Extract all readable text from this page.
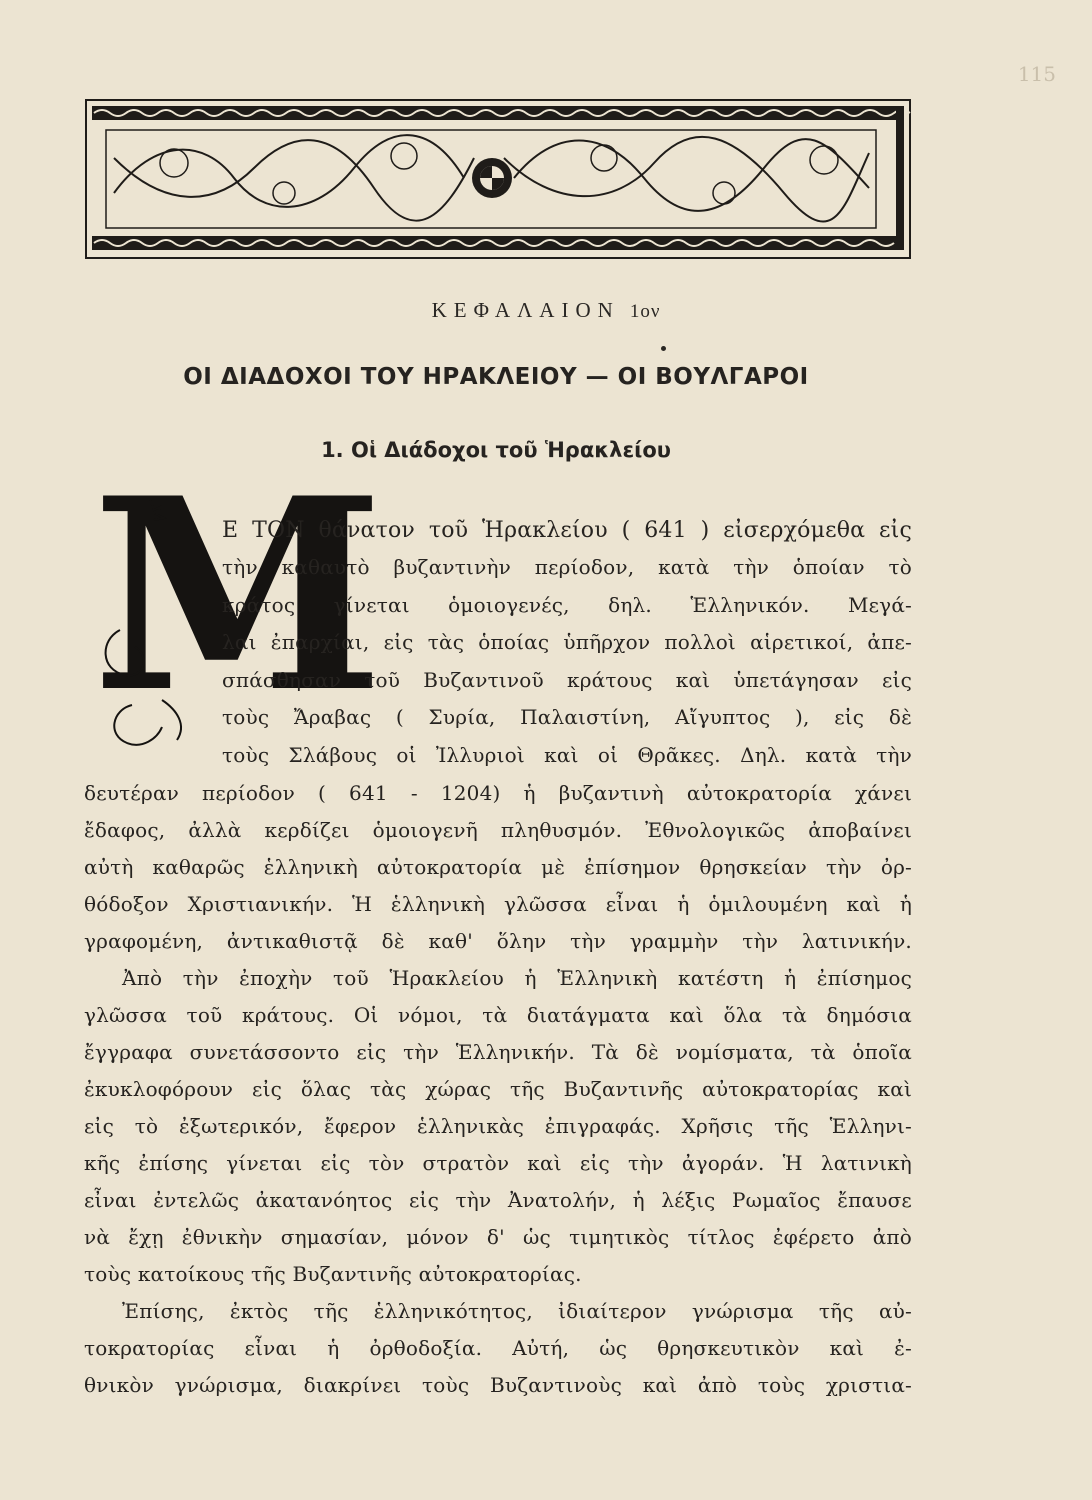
115
ΚΕΦΑΛΑΙΟΝ 1ον
ΟΙ ΔΙΑΔΟΧΟΙ ΤΟΥ ΗΡΑΚΛΕΙΟΥ — ΟΙ ΒΟΥΛΓΑΡΟΙ
1. Οἱ Διάδοχοι τοῦ Ἡρακλείου
M
Ε ΤΟΝ θάνατον τοῦ Ἡρακλείου ( 641 ) εἰσερχόμεθα εἰς
τὴν καθαυτὸ βυζαντινὴν περίοδον, κατὰ τὴν ὁποίαν τὸ
κράτος γίνεται ὁμοιογενές, δηλ. Ἑλληνικόν. Μεγά-
λαι ἐπαρχίαι, εἰς τὰς ὁποίας ὑπῆρχον πολλοὶ αἱρετικοί, ἀπε-
σπάσθησαν τοῦ Βυζαντινοῦ κράτους καὶ ὑπετάγησαν εἰς
τοὺς Ἄραβας ( Συρία, Παλαιστίνη, Αἴγυπτος ), εἰς δὲ
τοὺς Σλάβους οἱ Ἰλλυριοὶ καὶ οἱ Θρᾶκες. Δηλ. κατὰ τὴν
δευτέραν περίοδον ( 641 - 1204) ἡ βυζαντινὴ αὐτοκρατορία χάνει
ἔδαφος, ἀλλὰ κερδίζει ὁμοιογενῆ πληθυσμόν. Ἐθνολογικῶς ἀποβαίνει
αὐτὴ καθαρῶς ἑλληνικὴ αὐτοκρατορία μὲ ἐπίσημον θρησκείαν τὴν ὀρ-
θόδοξον Χριστιανικήν. Ἡ ἑλληνικὴ γλῶσσα εἶναι ἡ ὁμιλουμένη καὶ ἡ
γραφομένη, ἀντικαθιστᾷ δὲ καθ' ὅλην τὴν γραμμὴν τὴν λατινικήν.
Ἀπὸ τὴν ἐποχὴν τοῦ Ἡρακλείου ἡ Ἑλληνικὴ κατέστη ἡ ἐπίσημος
γλῶσσα τοῦ κράτους. Οἱ νόμοι, τὰ διατάγματα καὶ ὅλα τὰ δημόσια
ἔγγραφα συνετάσσοντο εἰς τὴν Ἑλληνικήν. Τὰ δὲ νομίσματα, τὰ ὁποῖα
ἐκυκλοφόρουν εἰς ὅλας τὰς χώρας τῆς Βυζαντινῆς αὐτοκρατορίας καὶ
εἰς τὸ ἐξωτερικόν, ἔφερον ἑλληνικὰς ἐπιγραφάς. Χρῆσις τῆς Ἑλληνι-
κῆς ἐπίσης γίνεται εἰς τὸν στρατὸν καὶ εἰς τὴν ἀγοράν. Ἡ λατινικὴ
εἶναι ἐντελῶς ἀκατανόητος εἰς τὴν Ἀνατολήν, ἡ λέξις Ρωμαῖος ἔπαυσε
νὰ ἔχῃ ἐθνικὴν σημασίαν, μόνον δ' ὡς τιμητικὸς τίτλος ἐφέρετο ἀπὸ
τοὺς κατοίκους τῆς Βυζαντινῆς αὐτοκρατορίας.
Ἐπίσης, ἐκτὸς τῆς ἑλληνικότητος, ἰδιαίτερον γνώρισμα τῆς αὐ-
τοκρατορίας εἶναι ἡ ὀρθοδοξία. Αὐτή, ὡς θρησκευτικὸν καὶ ἐ-
θνικὸν γνώρισμα, διακρίνει τοὺς Βυζαντινοὺς καὶ ἀπὸ τοὺς χριστια-
